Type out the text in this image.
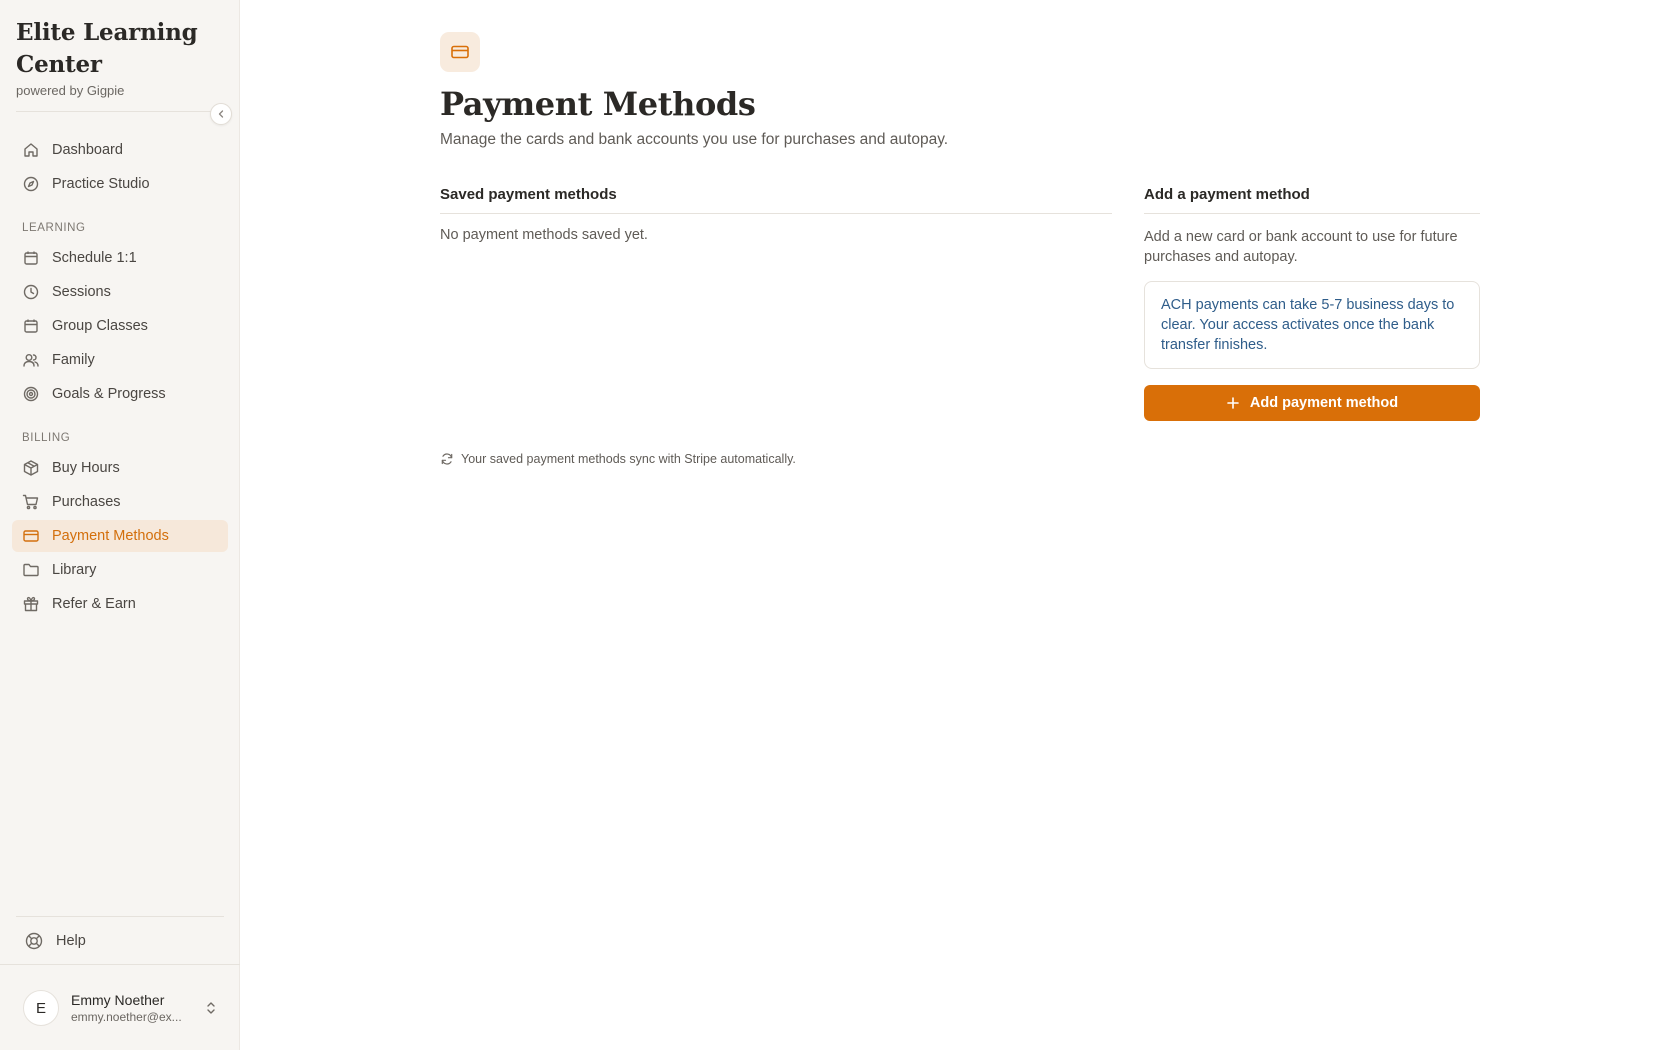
Elite Learning Center
powered by Gigpie
Dashboard
Practice Studio
LEARNING
Schedule 1:1
Sessions
Group Classes
Family
Goals & Progress
BILLING
Buy Hours
Purchases
Payment Methods
Library
Refer & Earn
Help
E	Emmy Noether
emmy.noether@ex...
Payment Methods

Manage the cards and bank accounts you use for purchases and autopay.

Saved payment methods
No payment methods saved yet.
Add a payment method
Add a new card or bank account to use for future purchases and autopay.
ACH payments can take 5-7 business days to clear. Your access activates once the bank transfer finishes.
Add payment method
Your saved payment methods sync with Stripe automatically.
